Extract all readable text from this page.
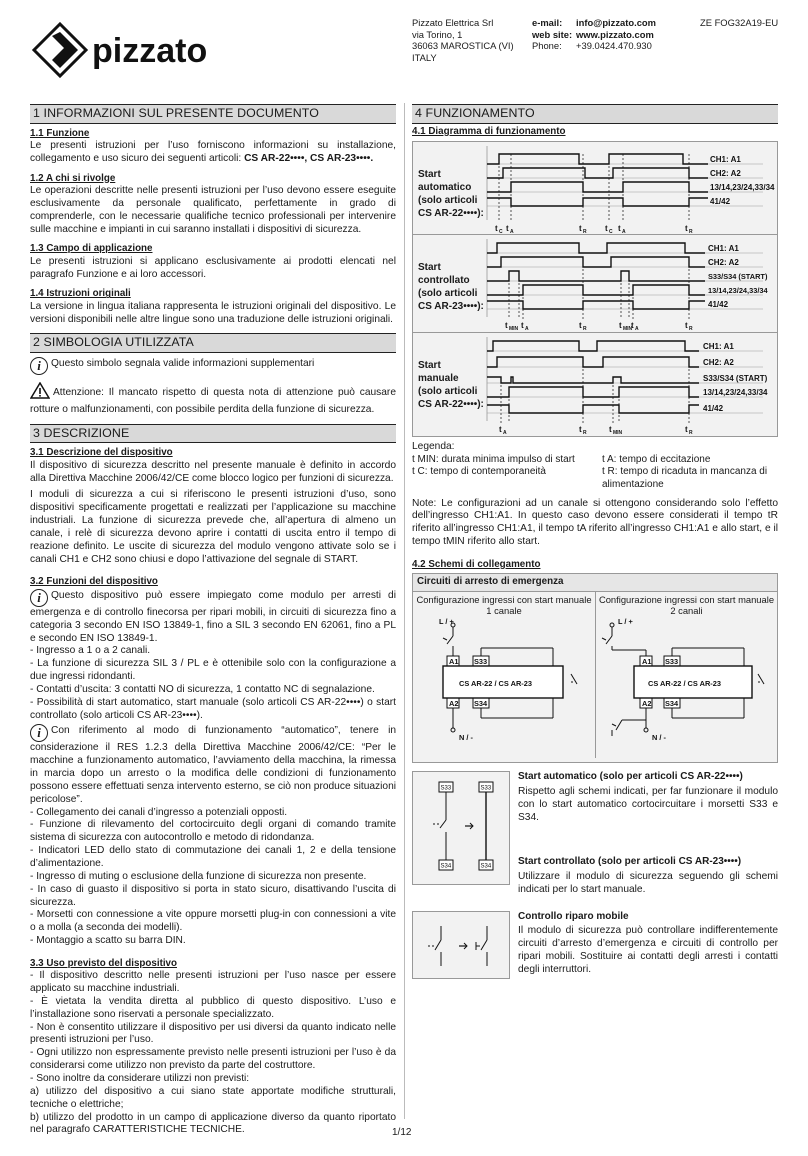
pizzato
Pizzato Elettrica Srl
via Torino, 1
36063 MAROSTICA (VI)
ITALY
e-mail:	info@pizzato.com
web site: www.pizzato.com
Phone:	+39.0424.470.930
ZE FOG32A19-EU
1 INFORMAZIONI SUL PRESENTE DOCUMENTO
1.1 Funzione
Le presenti istruzioni per l’uso forniscono informazioni su installazione, collegamento e uso sicuro dei seguenti articoli: CS AR-22••••, CS AR-23••••.
1.2 A chi si rivolge
Le operazioni descritte nelle presenti istruzioni per l’uso devono essere eseguite esclusivamente da personale qualificato, perfettamente in grado di comprenderle, con le necessarie qualifiche tecnico professionali per intervenire sulle macchine e impianti in cui saranno installati i dispositivi di sicurezza.
1.3 Campo di applicazione
Le presenti istruzioni si applicano esclusivamente ai prodotti elencati nel paragrafo Funzione e ai loro accessori.
1.4 Istruzioni originali
La versione in lingua italiana rappresenta le istruzioni originali del dispositivo. Le versioni disponibili nelle altre lingue sono una traduzione delle istruzioni originali.
2 SIMBOLOGIA UTILIZZATA
i Questo simbolo segnala valide informazioni supplementari
Attenzione: Il mancato rispetto di questa nota di attenzione può causare rotture o malfunzionamenti, con possibile perdita della funzione di sicurezza.
3 DESCRIZIONE
3.1 Descrizione del dispositivo
Il dispositivo di sicurezza descritto nel presente manuale è definito in accordo alla Direttiva Macchine 2006/42/CE come blocco logico per funzioni di sicurezza.
I moduli di sicurezza a cui si riferiscono le presenti istruzioni d’uso, sono dispositivi specificamente progettati e realizzati per l’applicazione su macchine industriali. La funzione di sicurezza prevede che, all’apertura di almeno un canale, i relè di sicurezza devono aprire i contatti di uscita entro il tempo di reazione definito. Le uscite di sicurezza del modulo vengono attivate solo se i canali CH1 e CH2 sono chiusi e dopo l’attivazione del segnale di START.
3.2 Funzioni del dispositivo
i Questo dispositivo può essere impiegato come modulo per arresti di emergenza e di controllo finecorsa per ripari mobili, in circuiti di sicurezza fino a categoria 3 secondo EN ISO 13849-1, fino a SIL 3 secondo EN 62061, fino a PL e secondo EN ISO 13849-1.
- Ingresso a 1 o a 2 canali.
- La funzione di sicurezza SIL 3 / PL e è ottenibile solo con la configurazione a due ingressi ridondanti.
- Contatti d’uscita: 3 contatti NO di sicurezza, 1 contatto NC di segnalazione.
- Possibilità di start automatico, start manuale (solo articoli CS AR-22••••) o start controllato (solo articoli CS AR-23••••).
i Con riferimento al modo di funzionamento “automatico”, tenere in considerazione il RES 1.2.3 della Direttiva Macchine 2006/42/CE: “Per le macchine a funzionamento automatico, l’avviamento della macchina, la rimessa in marcia dopo un arresto o la modifica delle condizioni di funzionamento possono essere effettuati senza intervento esterno, se ciò non produce situazioni pericolose”.
- Collegamento dei canali d’ingresso a potenziali opposti.
- Funzione di rilevamento del cortocircuito degli organi di comando tramite sistema di sicurezza con autocontrollo e metodo di ridondanza.
- Indicatori LED dello stato di commutazione dei canali 1, 2 e della tensione d’alimentazione.
- Ingresso di muting o esclusione della funzione di sicurezza non presente.
- In caso di guasto il dispositivo si porta in stato sicuro, disattivando l’uscita di sicurezza.
- Morsetti con connessione a vite oppure morsetti plug-in con connessioni a vite o a molla (a seconda dei modelli).
- Montaggio a scatto su barra DIN.
3.3 Uso previsto del dispositivo
- Il dispositivo descritto nelle presenti istruzioni per l’uso nasce per essere applicato su macchine industriali.
- È vietata la vendita diretta al pubblico di questo dispositivo. L’uso e l’installazione sono riservati a personale specializzato.
- Non è consentito utilizzare il dispositivo per usi diversi da quanto indicato nelle presenti istruzioni per l’uso.
- Ogni utilizzo non espressamente previsto nelle presenti istruzioni per l’uso è da considerarsi come utilizzo non previsto da parte del costruttore.
- Sono inoltre da considerare utilizzi non previsti:
a) utilizzo del dispositivo a cui siano state apportate modifiche strutturali, tecniche o elettriche;
b) utilizzo del prodotto in un campo di applicazione diverso da quanto riportato nel paragrafo CARATTERISTICHE TECNICHE.
4 FUNZIONAMENTO
4.1 Diagramma di funzionamento
Start
automatico
(solo articoli
CS AR-22••••):
CH1: A1
CH2: A2
13/14,23/24,33/34
41/42
t C t A	t R t C t A	t R
Start
controllato
(solo articoli
CS AR-23••••):
CH1: A1
CH2: A2
S33/S34 (START)
13/14,23/24,33/34
41/42
t MIN t A	t R	t MIN
t A	t R
Start
manuale
(solo articoli
CS AR-22••••):
CH1: A1
CH2: A2
S33/S34 (START)
13/14,23/24,33/34
41/42
t A	t R	t MIN	t R
Legenda:
t MIN: durata minima impulso di start	t A: tempo di eccitazione
t C: tempo di contemporaneità	t R: tempo di ricaduta in mancanza di alimentazione
Note: Le configurazioni ad un canale si ottengono considerando solo l’effetto dell’ingresso CH1:A1. In questo caso devono essere considerati il tempo tR riferito all’ingresso CH1:A1, il tempo tA riferito all’ingresso CH1:A1 e allo start, e il tempo tMIN riferito allo start.
4.2 Schemi di collegamento
Circuiti di arresto di emergenza
Configurazione ingressi con start manuale
1 canale
L / +
A1
A2
S33
S34
CS AR-22 / CS AR-23
N / -
Configurazione ingressi con start manuale
2 canali
L / +
A1
A2
S33
S34
CS AR-22 / CS AR-23
N / -
S33
S34
S33
S34
Start automatico (solo per articoli CS AR-22••••)
Rispetto agli schemi indicati, per far funzionare il modulo con lo start automatico cortocircuitare i morsetti S33 e S34.
Start controllato (solo per articoli CS AR-23••••)
Utilizzare il modulo di sicurezza seguendo gli schemi indicati per lo start manuale.
Controllo riparo mobile
Il modulo di sicurezza può controllare indifferentemente circuiti d’arresto d’emergenza e circuiti di controllo per ripari mobili. Sostituire ai contatti degli arresti i contatti degli interruttori.
1/12
